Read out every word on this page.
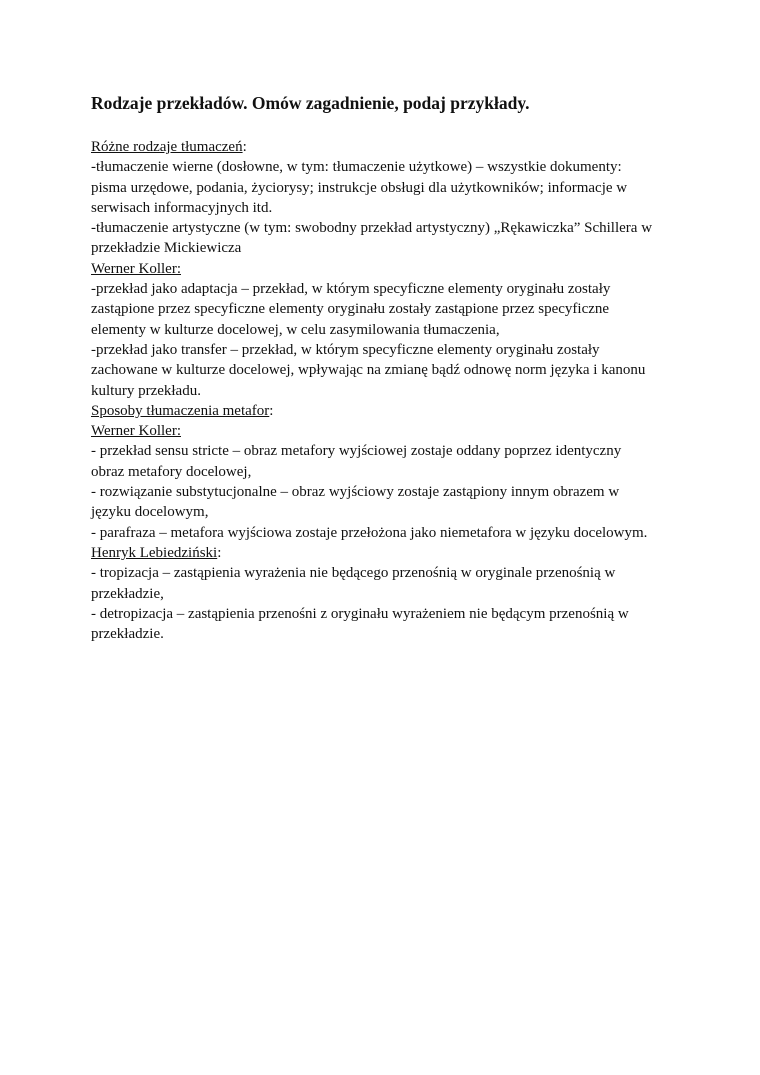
Rodzaje przekładów. Omów zagadnienie, podaj przykłady.
Różne rodzaje tłumaczeń:
-tłumaczenie wierne (dosłowne, w tym: tłumaczenie użytkowe) – wszystkie dokumenty:
pisma urzędowe, podania, życiorysy; instrukcje obsługi dla użytkowników; informacje w
serwisach informacyjnych itd.
-tłumaczenie artystyczne (w tym: swobodny przekład artystyczny) „Rękawiczka” Schillera w
przekładzie Mickiewicza
Werner Koller:
-przekład jako adaptacja – przekład, w którym specyficzne elementy oryginału zostały
zastąpione przez specyficzne elementy oryginału zostały zastąpione przez specyficzne
elementy w kulturze docelowej, w celu zasymilowania tłumaczenia,
-przekład jako transfer – przekład, w którym specyficzne elementy oryginału zostały
zachowane w kulturze docelowej, wpływając na zmianę bądź odnowę norm języka i kanonu
kultury przekładu.
Sposoby tłumaczenia metafor:
Werner Koller:
- przekład sensu stricte – obraz metafory wyjściowej zostaje oddany poprzez identyczny
obraz metafory docelowej,
- rozwiązanie substytucjonalne – obraz wyjściowy zostaje zastąpiony innym obrazem w
języku docelowym,
- parafraza – metafora wyjściowa zostaje przełożona jako niemetafora w języku docelowym.
Henryk Lebiedziński:
- tropizacja – zastąpienia wyrażenia nie będącego przenośnią w oryginale przenośnią w
przekładzie,
- detropizacja – zastąpienia przenośni z oryginału wyrażeniem nie będącym przenośnią w
przekładzie.
